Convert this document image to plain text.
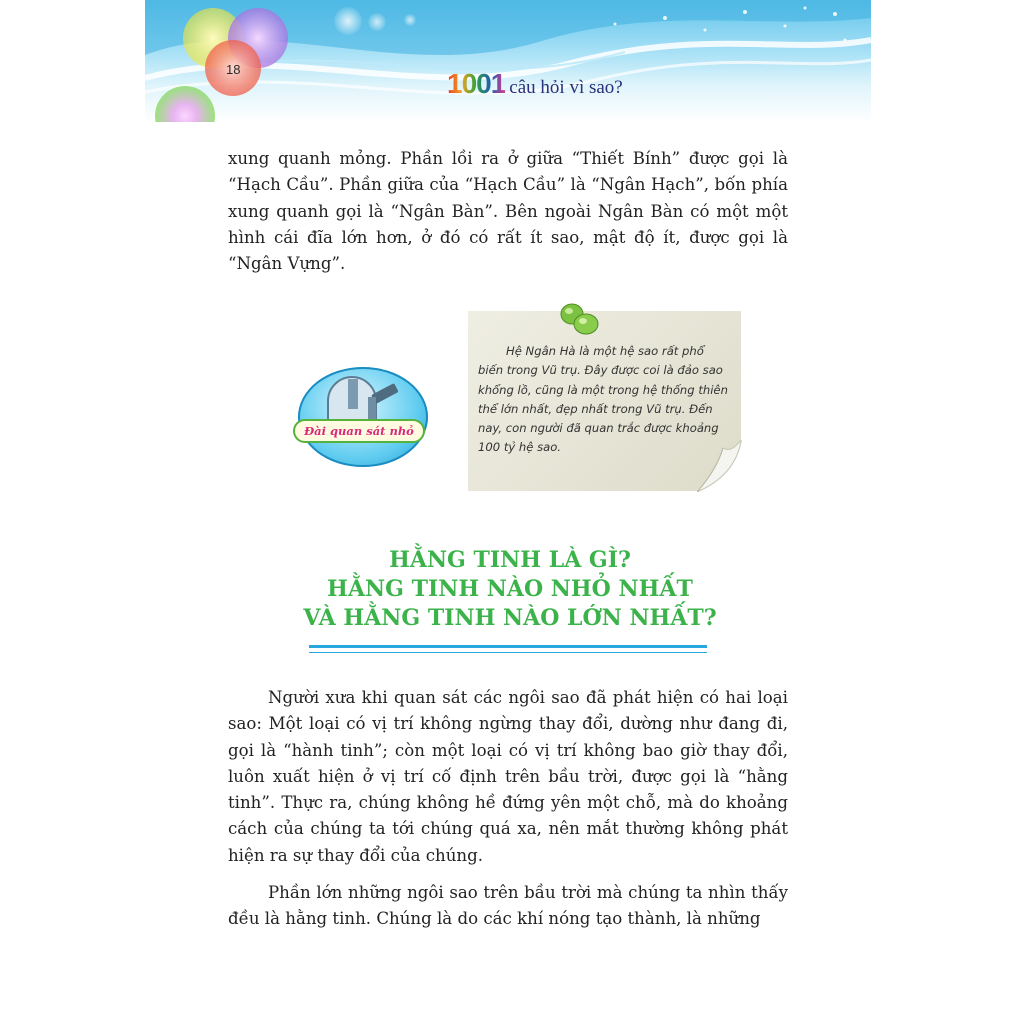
18	1001 câu hỏi vì sao?

xung quanh mỏng. Phần lồi ra ở giữa “Thiết Bính” được gọi là “Hạch Cầu”. Phần giữa của “Hạch Cầu” là “Ngân Hạch”, bốn phía xung quanh gọi là “Ngân Bàn”. Bên ngoài Ngân Bàn có một một hình cái đĩa lớn hơn, ở đó có rất ít sao, mật độ ít, được gọi là “Ngân Vựng”.

Đài quan sát nhỏ

Hệ Ngân Hà là một hệ sao rất phổ biến trong Vũ trụ. Đây được coi là đảo sao khổng lồ, cũng là một trong hệ thống thiên thể lớn nhất, đẹp nhất trong Vũ trụ. Đến nay, con người đã quan trắc được khoảng 100 tỷ hệ sao.

HẰNG TINH LÀ GÌ?
HẰNG TINH NÀO NHỎ NHẤT
VÀ HẰNG TINH NÀO LỚN NHẤT?

Người xưa khi quan sát các ngôi sao đã phát hiện có hai loại sao: Một loại có vị trí không ngừng thay đổi, dường như đang đi, gọi là “hành tinh”; còn một loại có vị trí không bao giờ thay đổi, luôn xuất hiện ở vị trí cố định trên bầu trời, được gọi là “hằng tinh”. Thực ra, chúng không hề đứng yên một chỗ, mà do khoảng cách của chúng ta tới chúng quá xa, nên mắt thường không phát hiện ra sự thay đổi của chúng.

Phần lớn những ngôi sao trên bầu trời mà chúng ta nhìn thấy đều là hằng tinh. Chúng là do các khí nóng tạo thành, là những
